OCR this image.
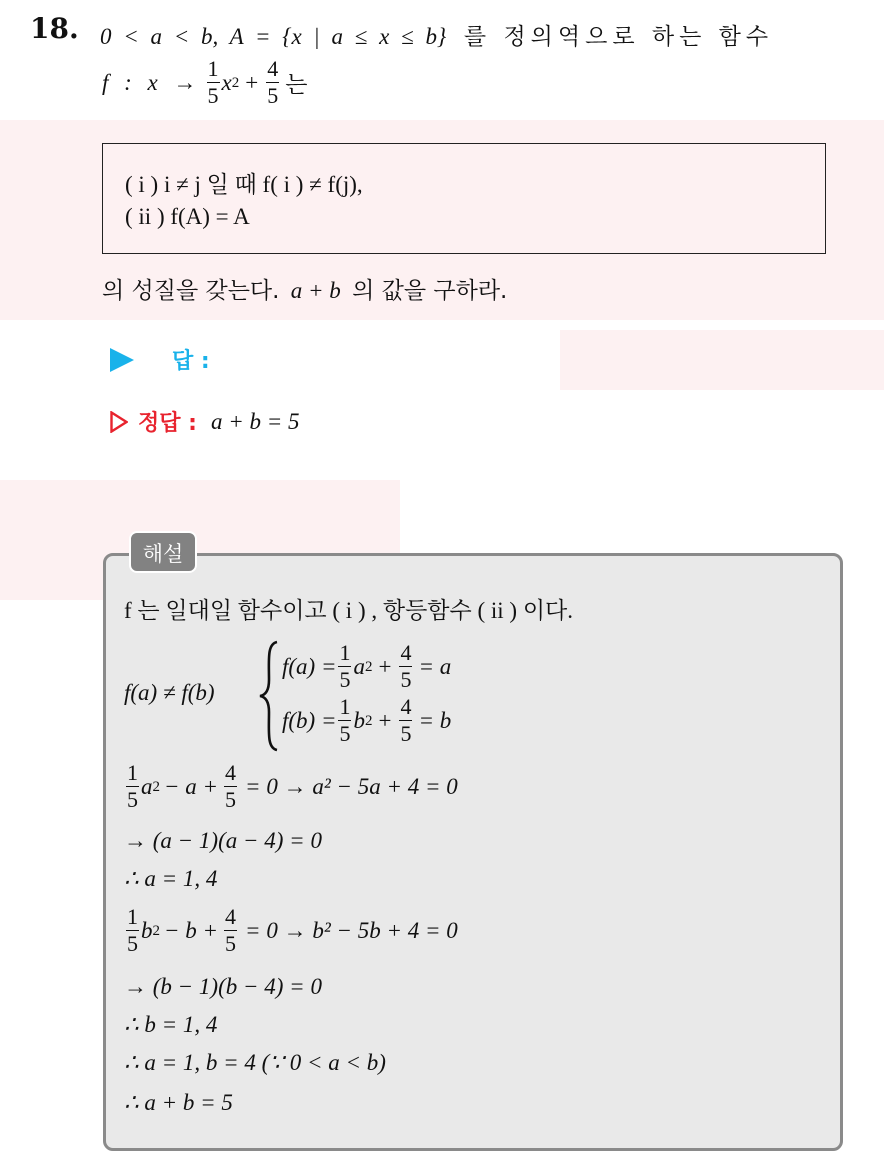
18. 0 < a < b, A = {x | a ≤ x ≤ b} 를 정의역으로 하는 함수
f : $x \to \frac{1}{5}$ x $2 + \frac{4}{5}$ 는
( i ) i ≠ j 일 때 f( i ) ≠ f(j),
( ii ) f(A) = A
의 성질을 갖는다. a + b 의 값을 구하라.
답 :
정답 : a + b = 5
해설
f 는 일대일 함수이고 ( i ) , 항등함수 ( ii ) 이다.
f(a) ≠ f(b)
$f(a) = \frac{1}{5}$ a $2 + \frac{4}{5} = a$
$f(b) = \frac{1}{5}$ b $2 + \frac{4}{5} = b$
$\frac{1}{5}$ a $2 - a + \frac{4}{5} = 0 \to a^2 - 5a + 4 = 0$
→ (a − 1)(a − 4) = 0
∴ a = 1, 4
$\frac{1}{5}$ b $2 - b + \frac{4}{5} = 0 \to b^2 - 5b + 4 = 0$
→ (b − 1)(b − 4) = 0
∴ b = 1, 4
∴ a = 1, b = 4 (∵ 0 < a < b)
∴ a + b = 5
